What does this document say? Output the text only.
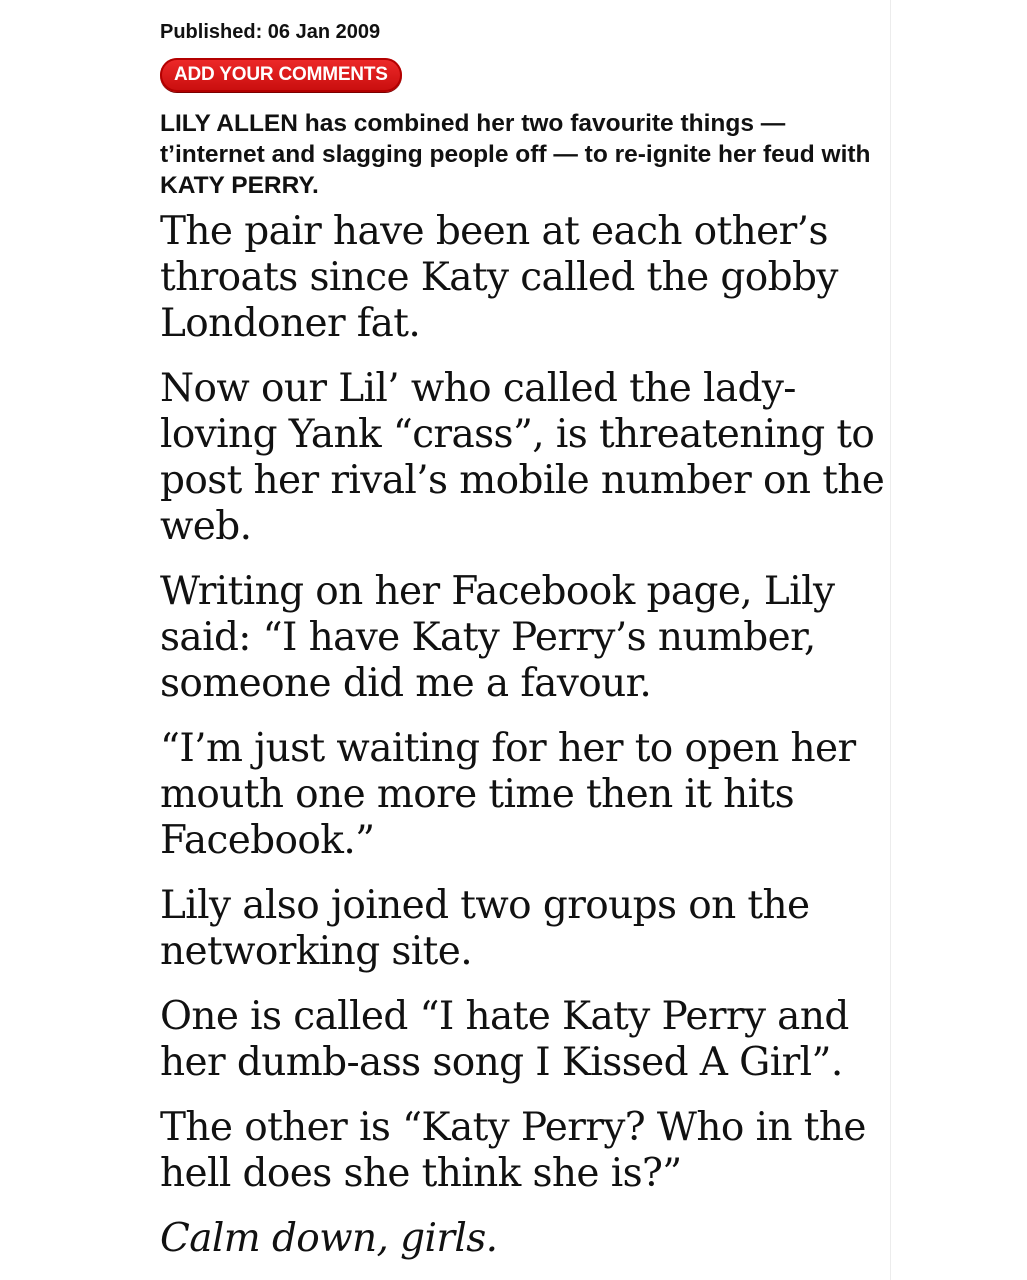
Published: 06 Jan 2009

ADD YOUR COMMENTS

LILY ALLEN has combined her two favourite things — t’internet and slagging people off — to re-ignite her feud with KATY PERRY.

The pair have been at each other’s throats since Katy called the gobby Londoner fat.

Now our Lil’ who called the lady-loving Yank “crass”, is threatening to post her rival’s mobile number on the web.

Writing on her Facebook page, Lily said: “I have Katy Perry’s number, someone did me a favour.

“I’m just waiting for her to open her mouth one more time then it hits Facebook.”

Lily also joined two groups on the networking site.

One is called “I hate Katy Perry and her dumb-ass song I Kissed A Girl”.

The other is “Katy Perry? Who in the hell does she think she is?”

Calm down, girls.
